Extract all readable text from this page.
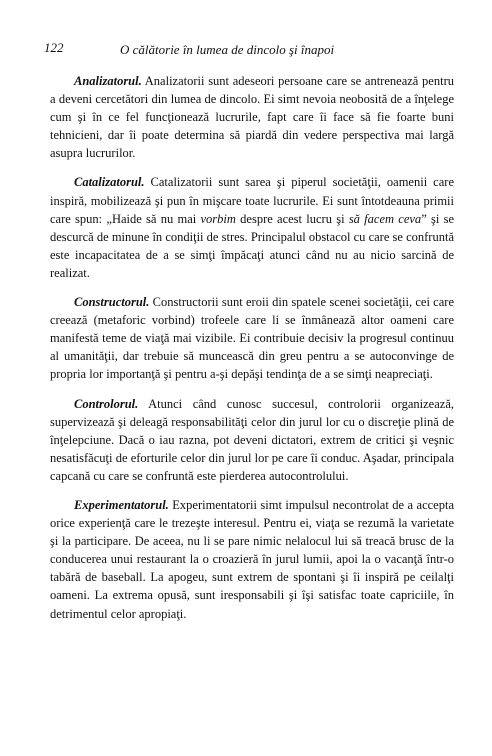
122	O călătorie în lumea de dincolo şi înapoi

Analizatorul. Analizatorii sunt adeseori persoane care se antrenează pentru a deveni cercetători din lumea de dincolo. Ei simt nevoia neobosită de a înţelege cum şi în ce fel funcţionează lucrurile, fapt care îi face să fie foarte buni tehnicieni, dar îi poate determina să piardă din vedere perspectiva mai largă asupra lucrurilor.

Catalizatorul. Catalizatorii sunt sarea şi piperul societăţii, oamenii care inspiră, mobilizează şi pun în mişcare toate lucrurile. Ei sunt întotdeauna primii care spun: „Haide să nu mai vorbim despre acest lucru şi să facem ceva” şi se descurcă de minune în condiţii de stres. Principalul obstacol cu care se confruntă este incapacitatea de a se simţi împăcaţi atunci când nu au nicio sarcină de realizat.

Constructorul. Constructorii sunt eroii din spatele scenei societăţii, cei care creează (metaforic vorbind) trofeele care li se înmânează altor oameni care manifestă teme de viaţă mai vizibile. Ei contribuie decisiv la progresul continuu al umanităţii, dar trebuie să muncească din greu pentru a se autoconvinge de propria lor importanţă şi pentru a-şi depăşi tendinţa de a se simţi neapreciaţi.

Controlorul. Atunci când cunosc succesul, controlorii organizează, supervizează şi deleagă responsabilităţi celor din jurul lor cu o discreţie plină de înţelepciune. Dacă o iau razna, pot deveni dictatori, extrem de critici şi veşnic nesatisfăcuţi de eforturile celor din jurul lor pe care îi conduc. Aşadar, principala capcană cu care se confruntă este pierderea autocontrolului.

Experimentatorul. Experimentatorii simt impulsul necontrolat de a accepta orice experienţă care le trezeşte interesul. Pentru ei, viaţa se rezumă la varietate şi la participare. De aceea, nu li se pare nimic nelalocul lui să treacă brusc de la conducerea unui restaurant la o croazieră în jurul lumii, apoi la o vacanţă într-o tabără de baseball. La apogeu, sunt extrem de spontani şi îi inspiră pe ceilalţi oameni. La extrema opusă, sunt iresponsabili şi îşi satisfac toate capriciile, în detrimentul celor apropiaţi.
